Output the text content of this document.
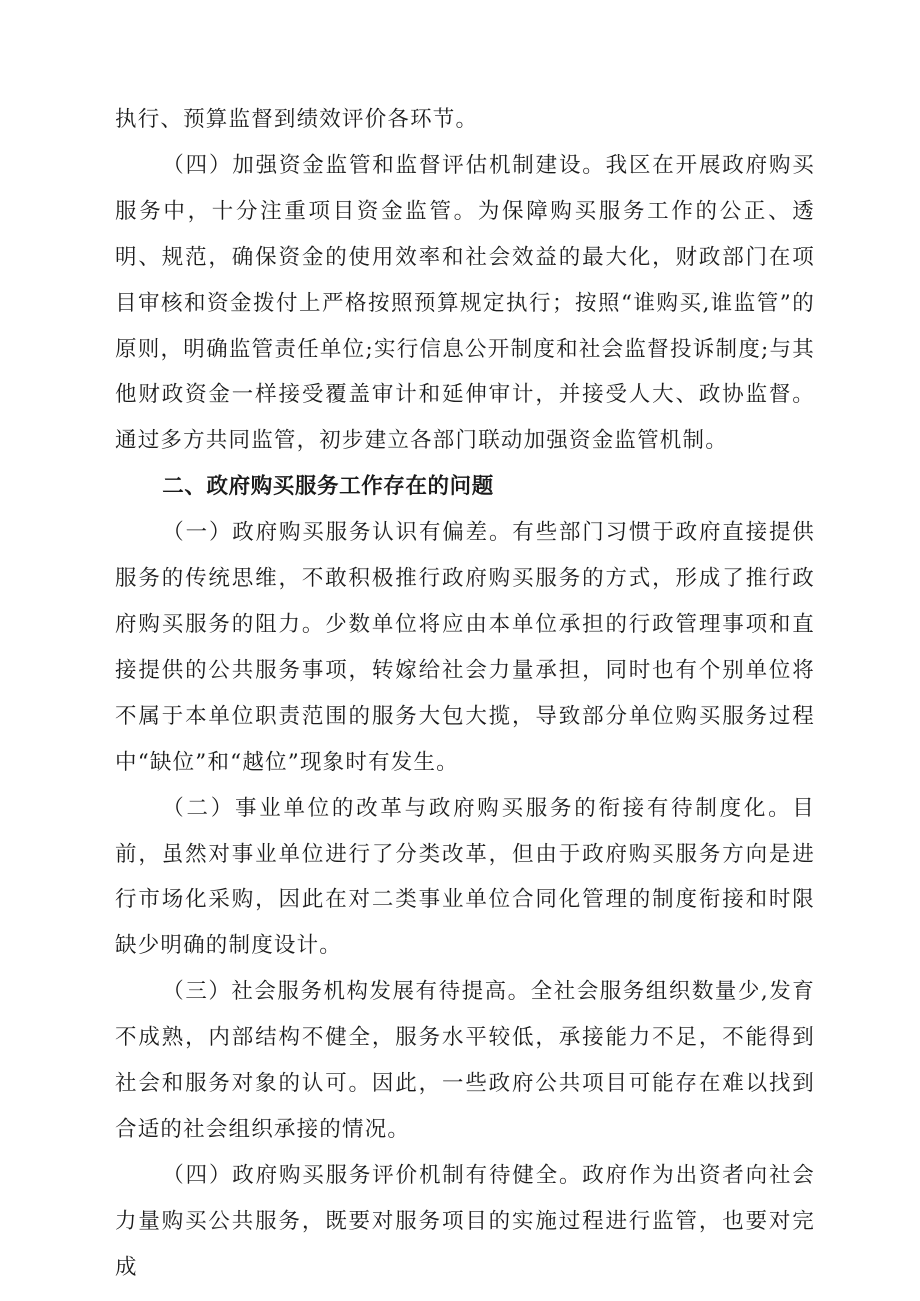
执行、预算监督到绩效评价各环节。

（四）加强资金监管和监督评估机制建设。我区在开展政府购买服务中，十分注重项目资金监管。为保障购买服务工作的公正、透明、规范，确保资金的使用效率和社会效益的最大化，财政部门在项目审核和资金拨付上严格按照预算规定执行；按照“谁购买,谁监管”的原则，明确监管责任单位;实行信息公开制度和社会监督投诉制度;与其他财政资金一样接受覆盖审计和延伸审计，并接受人大、政协监督。通过多方共同监管，初步建立各部门联动加强资金监管机制。

二、政府购买服务工作存在的问题

（一）政府购买服务认识有偏差。有些部门习惯于政府直接提供服务的传统思维，不敢积极推行政府购买服务的方式，形成了推行政府购买服务的阻力。少数单位将应由本单位承担的行政管理事项和直接提供的公共服务事项，转嫁给社会力量承担，同时也有个别单位将不属于本单位职责范围的服务大包大揽，导致部分单位购买服务过程中“缺位”和“越位”现象时有发生。

（二）事业单位的改革与政府购买服务的衔接有待制度化。目前，虽然对事业单位进行了分类改革，但由于政府购买服务方向是进行市场化采购，因此在对二类事业单位合同化管理的制度衔接和时限缺少明确的制度设计。

（三）社会服务机构发展有待提高。全社会服务组织数量少,发育不成熟，内部结构不健全，服务水平较低，承接能力不足，不能得到社会和服务对象的认可。因此，一些政府公共项目可能存在难以找到合适的社会组织承接的情况。

（四）政府购买服务评价机制有待健全。政府作为出资者向社会力量购买公共服务，既要对服务项目的实施过程进行监管，也要对完成
